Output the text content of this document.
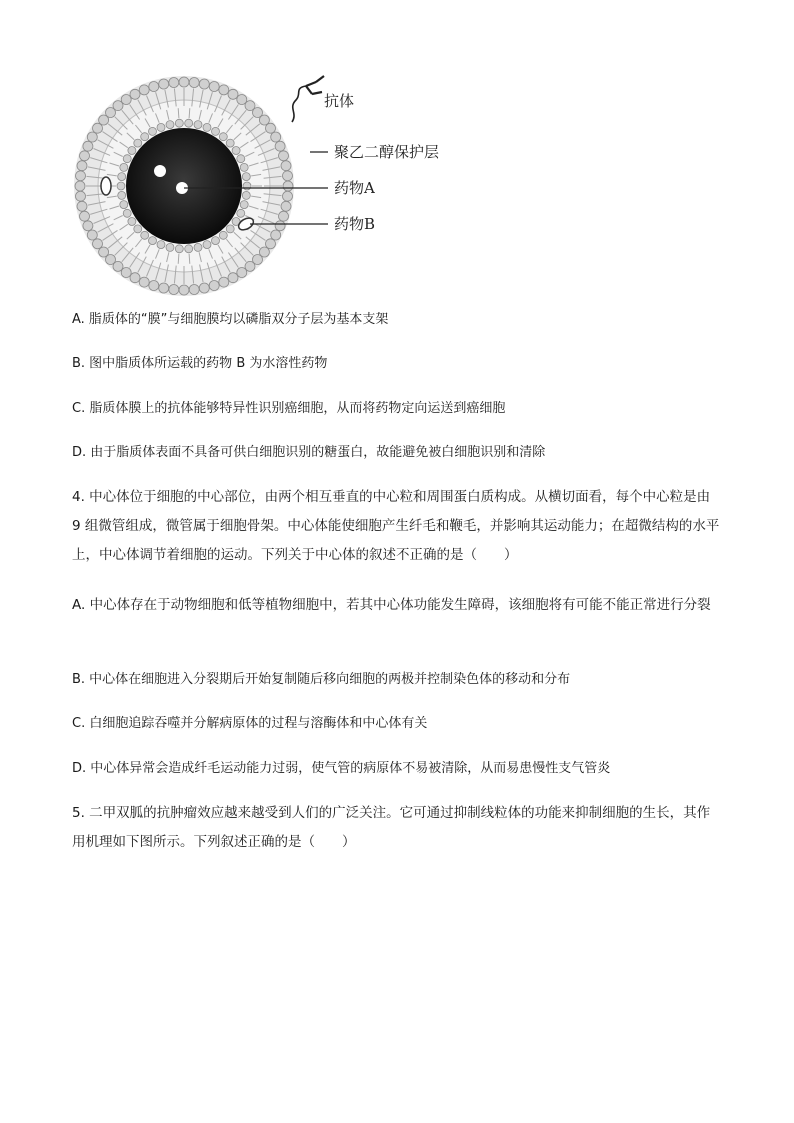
抗体
聚乙二醇保护层
药物A
药物B
A. 脂质体的“膜”与细胞膜均以磷脂双分子层为基本支架
B. 图中脂质体所运载的药物 B 为水溶性药物
C. 脂质体膜上的抗体能够特异性识别癌细胞，从而将药物定向运送到癌细胞
D. 由于脂质体表面不具备可供白细胞识别的糖蛋白，故能避免被白细胞识别和清除
4. 中心体位于细胞的中心部位，由两个相互垂直的中心粒和周围蛋白质构成。从横切面看，每个中心粒是由 9 组微管组成，微管属于细胞骨架。中心体能使细胞产生纤毛和鞭毛，并影响其运动能力；在超微结构的水平上，中心体调节着细胞的运动。下列关于中心体的叙述不正确的是（　　）
A. 中心体存在于动物细胞和低等植物细胞中，若其中心体功能发生障碍，该细胞将有可能不能正常进行分裂
B. 中心体在细胞进入分裂期后开始复制随后移向细胞的两极并控制染色体的移动和分布
C. 白细胞追踪吞噬并分解病原体的过程与溶酶体和中心体有关
D. 中心体异常会造成纤毛运动能力过弱，使气管的病原体不易被清除，从而易患慢性支气管炎
5. 二甲双胍的抗肿瘤效应越来越受到人们的广泛关注。它可通过抑制线粒体的功能来抑制细胞的生长，其作用机理如下图所示。下列叙述正确的是（　　）
